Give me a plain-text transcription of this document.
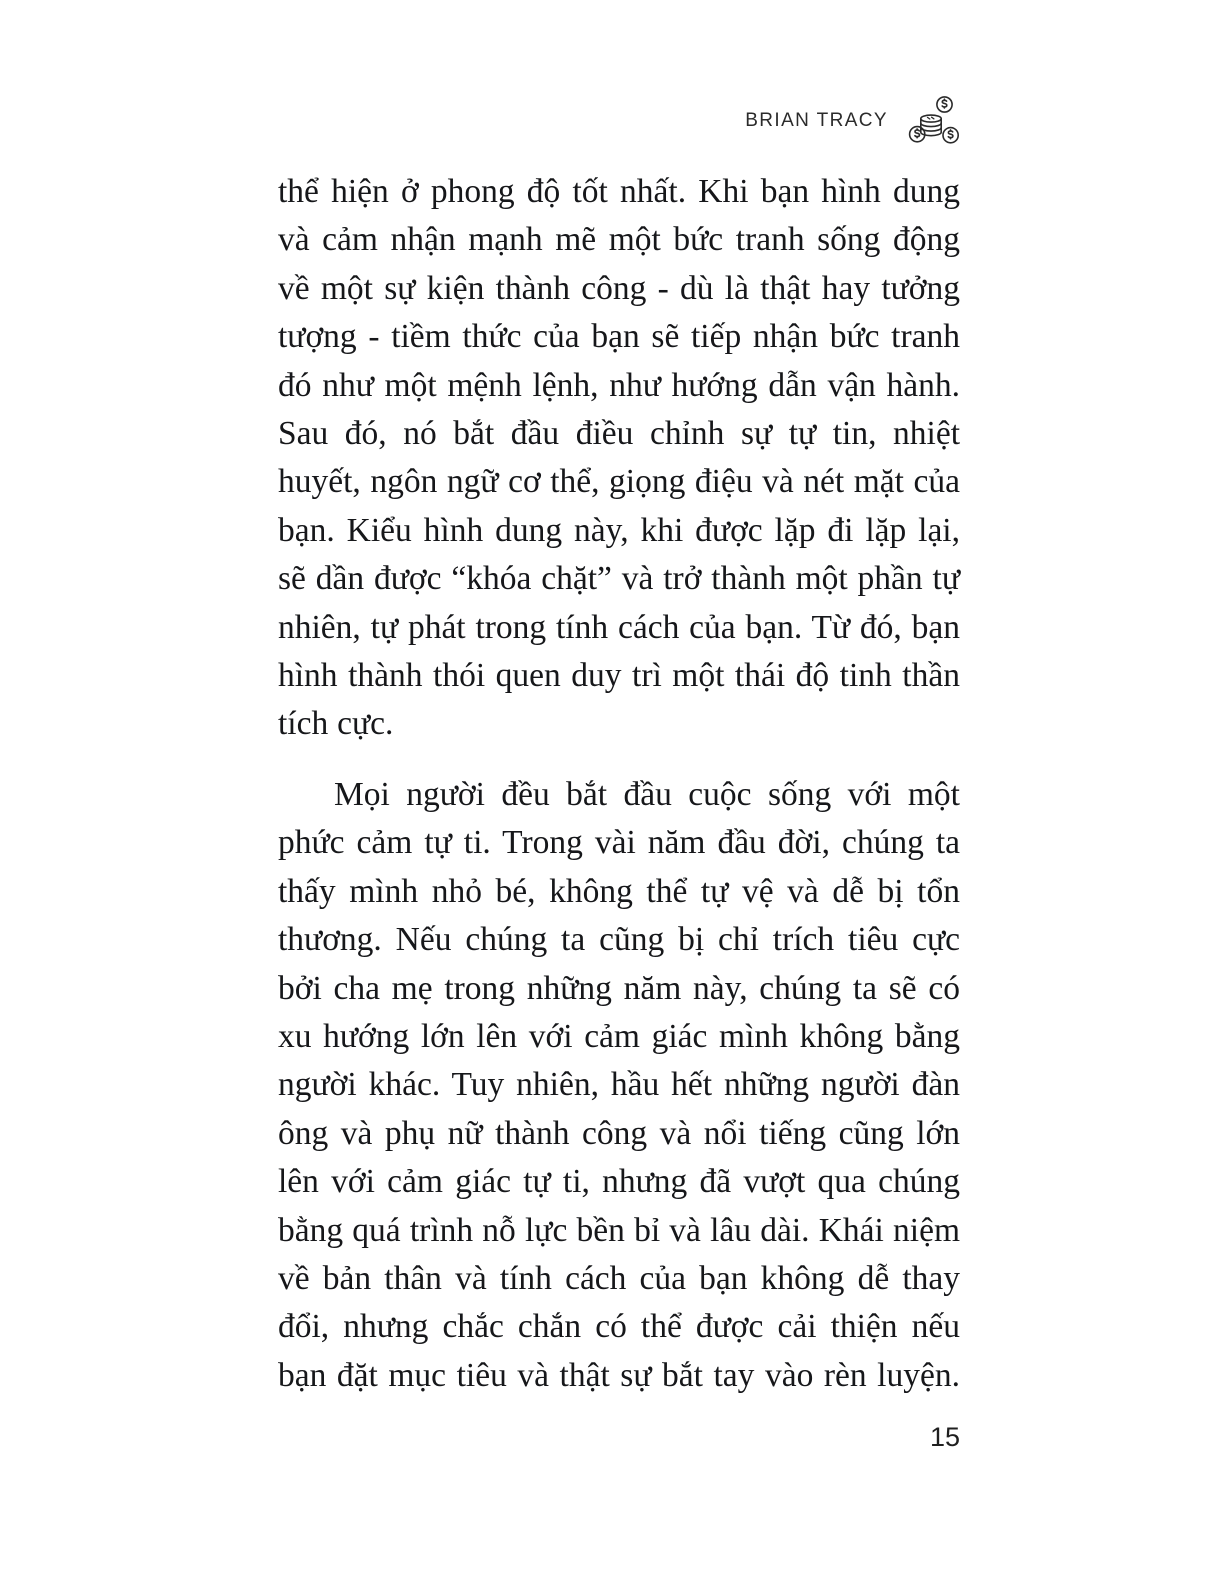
BRIAN TRACY

thể hiện ở phong độ tốt nhất. Khi bạn hình dung và cảm nhận mạnh mẽ một bức tranh sống động về một sự kiện thành công - dù là thật hay tưởng tượng - tiềm thức của bạn sẽ tiếp nhận bức tranh đó như một mệnh lệnh, như hướng dẫn vận hành. Sau đó, nó bắt đầu điều chỉnh sự tự tin, nhiệt huyết, ngôn ngữ cơ thể, giọng điệu và nét mặt của bạn. Kiểu hình dung này, khi được lặp đi lặp lại, sẽ dần được “khóa chặt” và trở thành một phần tự nhiên, tự phát trong tính cách của bạn. Từ đó, bạn hình thành thói quen duy trì một thái độ tinh thần tích cực.

Mọi người đều bắt đầu cuộc sống với một phức cảm tự ti. Trong vài năm đầu đời, chúng ta thấy mình nhỏ bé, không thể tự vệ và dễ bị tổn thương. Nếu chúng ta cũng bị chỉ trích tiêu cực bởi cha mẹ trong những năm này, chúng ta sẽ có xu hướng lớn lên với cảm giác mình không bằng người khác. Tuy nhiên, hầu hết những người đàn ông và phụ nữ thành công và nổi tiếng cũng lớn lên với cảm giác tự ti, nhưng đã vượt qua chúng bằng quá trình nỗ lực bền bỉ và lâu dài. Khái niệm về bản thân và tính cách của bạn không dễ thay đổi, nhưng chắc chắn có thể được cải thiện nếu bạn đặt mục tiêu và thật sự bắt tay vào rèn luyện.

15
